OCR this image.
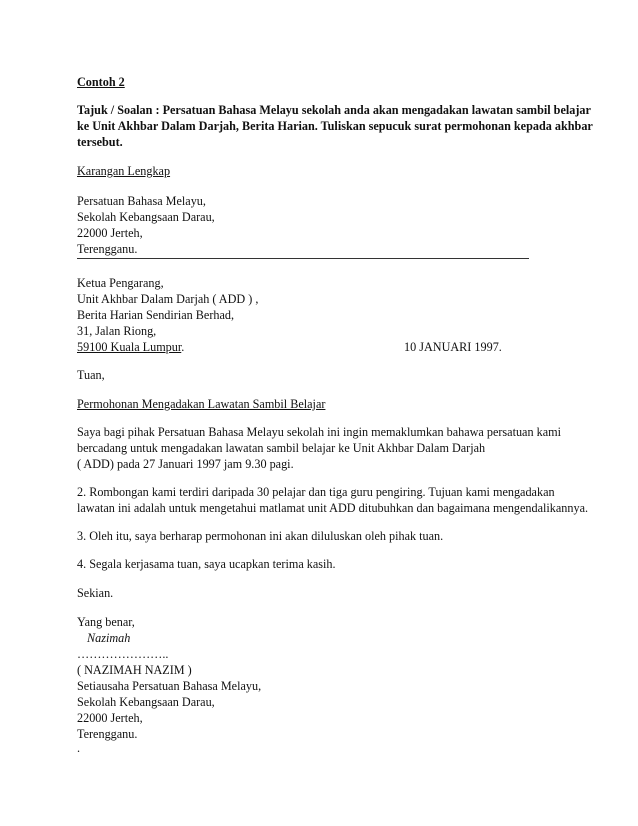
Contoh 2

Tajuk / Soalan : Persatuan Bahasa Melayu sekolah anda akan mengadakan lawatan sambil belajar

ke Unit Akhbar Dalam Darjah, Berita Harian. Tuliskan sepucuk surat permohonan kepada akhbar

tersebut.

Karangan Lengkap

Persatuan Bahasa Melayu,

Sekolah Kebangsaan Darau,

22000 Jerteh,

Terengganu.

Ketua Pengarang,

Unit Akhbar Dalam Darjah ( ADD ) ,

Berita Harian Sendirian Berhad,

31, Jalan Riong,

59100 Kuala Lumpur.	10 JANUARI 1997.

Tuan,

Permohonan Mengadakan Lawatan Sambil Belajar

Saya bagi pihak Persatuan Bahasa Melayu sekolah ini ingin memaklumkan bahawa persatuan kami

bercadang untuk mengadakan lawatan sambil belajar ke Unit Akhbar Dalam Darjah

( ADD) pada 27 Januari 1997 jam 9.30 pagi.

2. Rombongan kami terdiri daripada 30 pelajar dan tiga guru pengiring. Tujuan kami mengadakan

lawatan ini adalah untuk mengetahui matlamat unit ADD ditubuhkan dan bagaimana mengendalikannya.

3. Oleh itu, saya berharap permohonan ini akan diluluskan oleh pihak tuan.

4. Segala kerjasama tuan, saya ucapkan terima kasih.

Sekian.

Yang benar,

Nazimah

…………………..

( NAZIMAH NAZIM )

Setiausaha Persatuan Bahasa Melayu,

Sekolah Kebangsaan Darau,

22000 Jerteh,

Terengganu.

.
